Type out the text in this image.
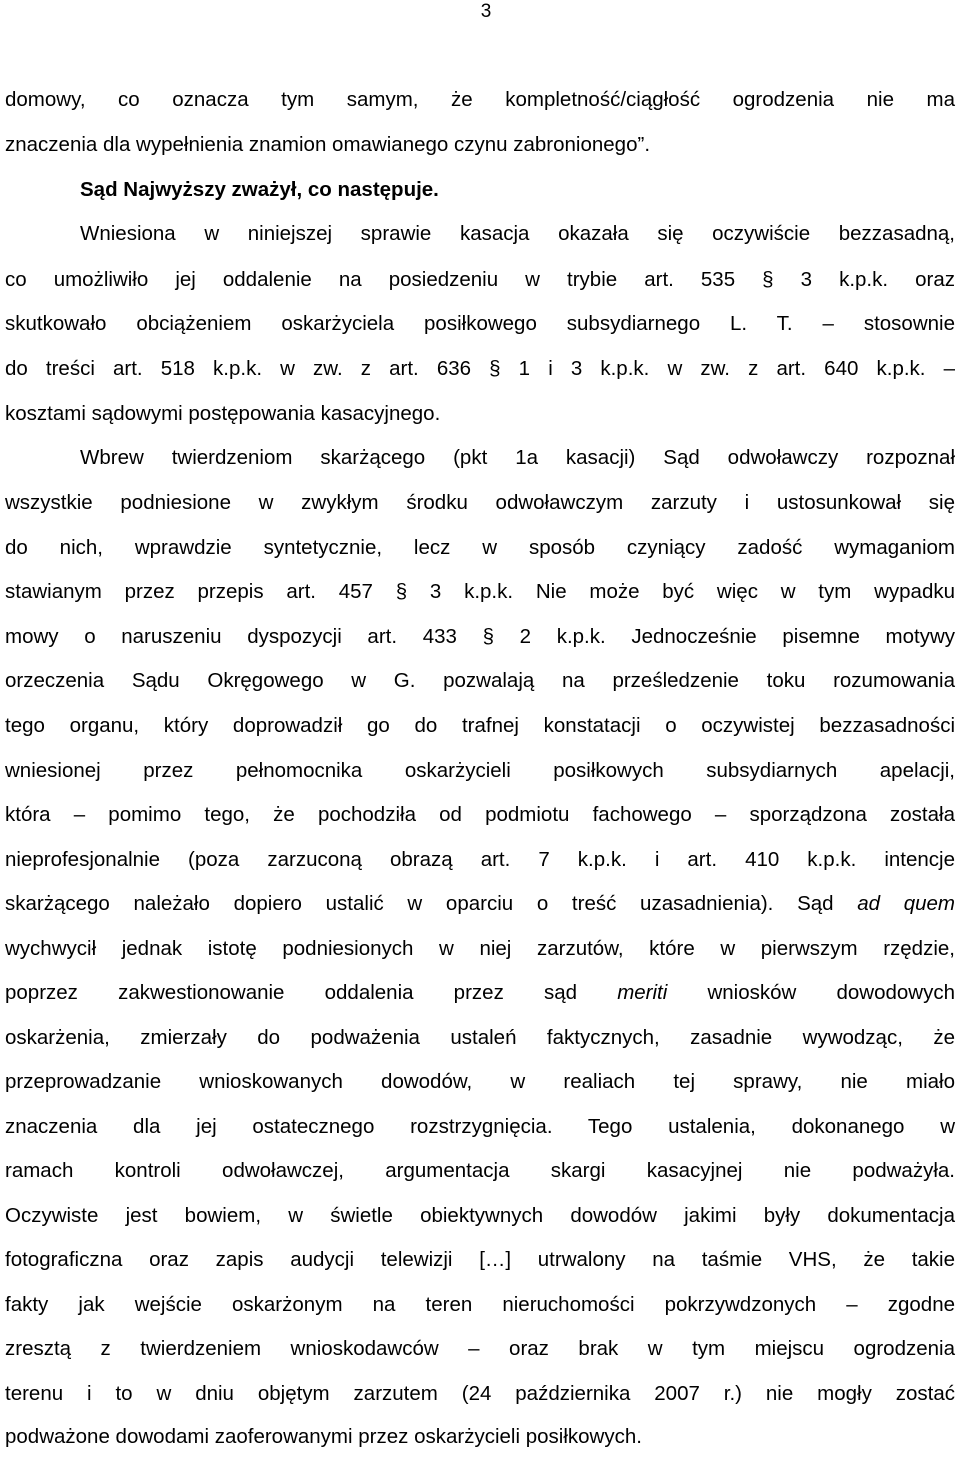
3
domowy, co oznacza tym samym, że kompletność/ciągłość ogrodzenia nie ma
znaczenia dla wypełnienia znamion omawianego czynu zabronionego”.
Sąd Najwyższy zważył, co następuje.
Wniesiona w niniejszej sprawie kasacja okazała się oczywiście bezzasadną,
co umożliwiło jej oddalenie na posiedzeniu w trybie art. 535 § 3 k.p.k. oraz
skutkowało obciążeniem oskarżyciela posiłkowego subsydiarnego L. T. – stosownie
do treści art. 518 k.p.k. w zw. z art. 636 § 1 i 3 k.p.k. w zw. z art. 640 k.p.k. –
kosztami sądowymi postępowania kasacyjnego.
Wbrew twierdzeniom skarżącego (pkt 1a kasacji) Sąd odwoławczy rozpoznał
wszystkie podniesione w zwykłym środku odwoławczym zarzuty i ustosunkował się
do nich, wprawdzie syntetycznie, lecz w sposób czyniący zadość wymaganiom
stawianym przez przepis art. 457 § 3 k.p.k. Nie może być więc w tym wypadku
mowy o naruszeniu dyspozycji art. 433 § 2 k.p.k. Jednocześnie pisemne motywy
orzeczenia Sądu Okręgowego w G. pozwalają na prześledzenie toku rozumowania
tego organu, który doprowadził go do trafnej konstatacji o oczywistej bezzasadności
wniesionej przez pełnomocnika oskarżycieli posiłkowych subsydiarnych apelacji,
która – pomimo tego, że pochodziła od podmiotu fachowego – sporządzona została
nieprofesjonalnie (poza zarzuconą obrazą art. 7 k.p.k. i art. 410 k.p.k. intencje
skarżącego należało dopiero ustalić w oparciu o treść uzasadnienia). Sąd ad quem
wychwycił jednak istotę podniesionych w niej zarzutów, które w pierwszym rzędzie,
poprzez zakwestionowanie oddalenia przez sąd meriti wniosków dowodowych
oskarżenia, zmierzały do podważenia ustaleń faktycznych, zasadnie wywodząc, że
przeprowadzanie wnioskowanych dowodów, w realiach tej sprawy, nie miało
znaczenia dla jej ostatecznego rozstrzygnięcia. Tego ustalenia, dokonanego w
ramach kontroli odwoławczej, argumentacja skargi kasacyjnej nie podważyła.
Oczywiste jest bowiem, w świetle obiektywnych dowodów jakimi były dokumentacja
fotograficzna oraz zapis audycji telewizji […] utrwalony na taśmie VHS, że takie
fakty jak wejście oskarżonym na teren nieruchomości pokrzywdzonych – zgodne
zresztą z twierdzeniem wnioskodawców – oraz brak w tym miejscu ogrodzenia
terenu i to w dniu objętym zarzutem (24 października 2007 r.) nie mogły zostać
podważone dowodami zaoferowanymi przez oskarżycieli posiłkowych.
